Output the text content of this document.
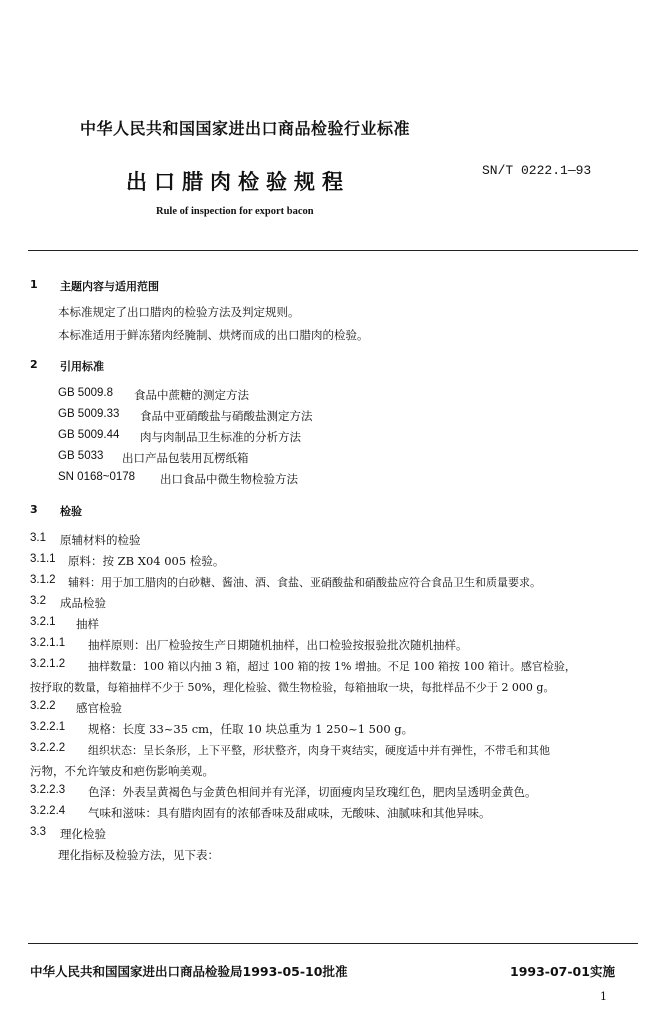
中华人民共和国国家进出口商品检验行业标准
出口腊肉检验规程	SN/T 0222.1—93
Rule of inspection for export bacon
1 主题内容与适用范围
本标准规定了出口腊肉的检验方法及判定规则。
本标准适用于鲜冻猪肉经腌制、烘烤而成的出口腊肉的检验。
2 引用标准
GB 5009.8 食品中蔗糖的测定方法
GB 5009.33 食品中亚硝酸盐与硝酸盐测定方法
GB 5009.44 肉与肉制品卫生标准的分析方法
GB 5033 出口产品包装用瓦楞纸箱
SN 0168~0178 出口食品中微生物检验方法
3 检验
3.1 原辅材料的检验
3.1.1 原料：按 ZB X04 005 检验。
3.1.2 辅料：用于加工腊肉的白砂糖、酱油、酒、食盐、亚硝酸盐和硝酸盐应符合食品卫生和质量要求。
3.2 成品检验
3.2.1 抽样
3.2.1.1 抽样原则：出厂检验按生产日期随机抽样，出口检验按报验批次随机抽样。
3.2.1.2 抽样数量：100 箱以内抽 3 箱，超过 100 箱的按 1% 增抽。不足 100 箱按 100 箱计。感官检验，
按抒取的数量，每箱抽样不少于 50%，理化检验、微生物检验，每箱抽取一块，每批样品不少于 2 000 g。
3.2.2 感官检验
3.2.2.1 规格：长度 33~35 cm，任取 10 块总重为 1 250~1 500 g。
3.2.2.2 组织状态：呈长条形，上下平整，形状整齐，肉身干爽结实，硬度适中并有弹性，不带毛和其他
污物，不允许皱皮和疤伤影响美观。
3.2.2.3 色泽：外表呈黄褐色与金黄色相间并有光泽，切面瘦肉呈玫瑰红色，肥肉呈透明金黄色。
3.2.2.4 气味和滋味：具有腊肉固有的浓郁香味及甜咸味，无酸味、油腻味和其他异味。
3.3 理化检验
理化指标及检验方法，见下表：
中华人民共和国国家进出口商品检验局1993-05-10批准	1993-07-01实施
1
